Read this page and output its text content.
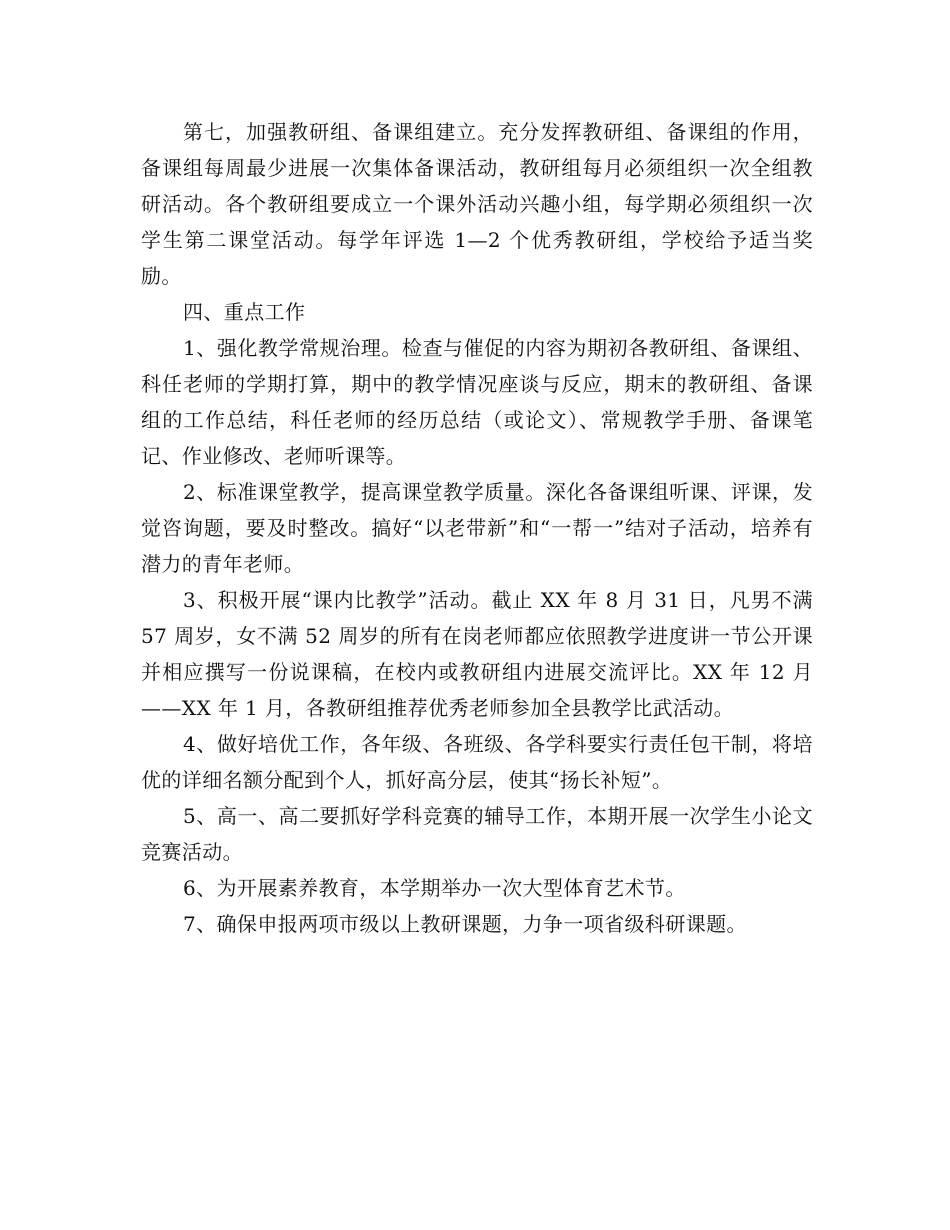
第七，加强教研组、备课组建立。充分发挥教研组、备课组的作用，备课组每周最少进展一次集体备课活动，教研组每月必须组织一次全组教研活动。各个教研组要成立一个课外活动兴趣小组，每学期必须组织一次学生第二课堂活动。每学年评选 1—2 个优秀教研组，学校给予适当奖励。

四、重点工作

1、强化教学常规治理。检查与催促的内容为期初各教研组、备课组、科任老师的学期打算，期中的教学情况座谈与反应，期末的教研组、备课组的工作总结，科任老师的经历总结（或论文）、常规教学手册、备课笔记、作业修改、老师听课等。

2、标准课堂教学，提高课堂教学质量。深化各备课组听课、评课，发觉咨询题，要及时整改。搞好“以老带新”和“一帮一”结对子活动，培养有潜力的青年老师。

3、积极开展“课内比教学”活动。截止 XX 年 8 月 31 日，凡男不满 57 周岁，女不满 52 周岁的所有在岗老师都应依照教学进度讲一节公开课并相应撰写一份说课稿，在校内或教研组内进展交流评比。XX 年 12 月——XX 年 1 月，各教研组推荐优秀老师参加全县教学比武活动。

4、做好培优工作，各年级、各班级、各学科要实行责任包干制，将培优的详细名额分配到个人，抓好高分层，使其“扬长补短”。

5、高一、高二要抓好学科竞赛的辅导工作，本期开展一次学生小论文竞赛活动。

6、为开展素养教育，本学期举办一次大型体育艺术节。

7、确保申报两项市级以上教研课题，力争一项省级科研课题。
